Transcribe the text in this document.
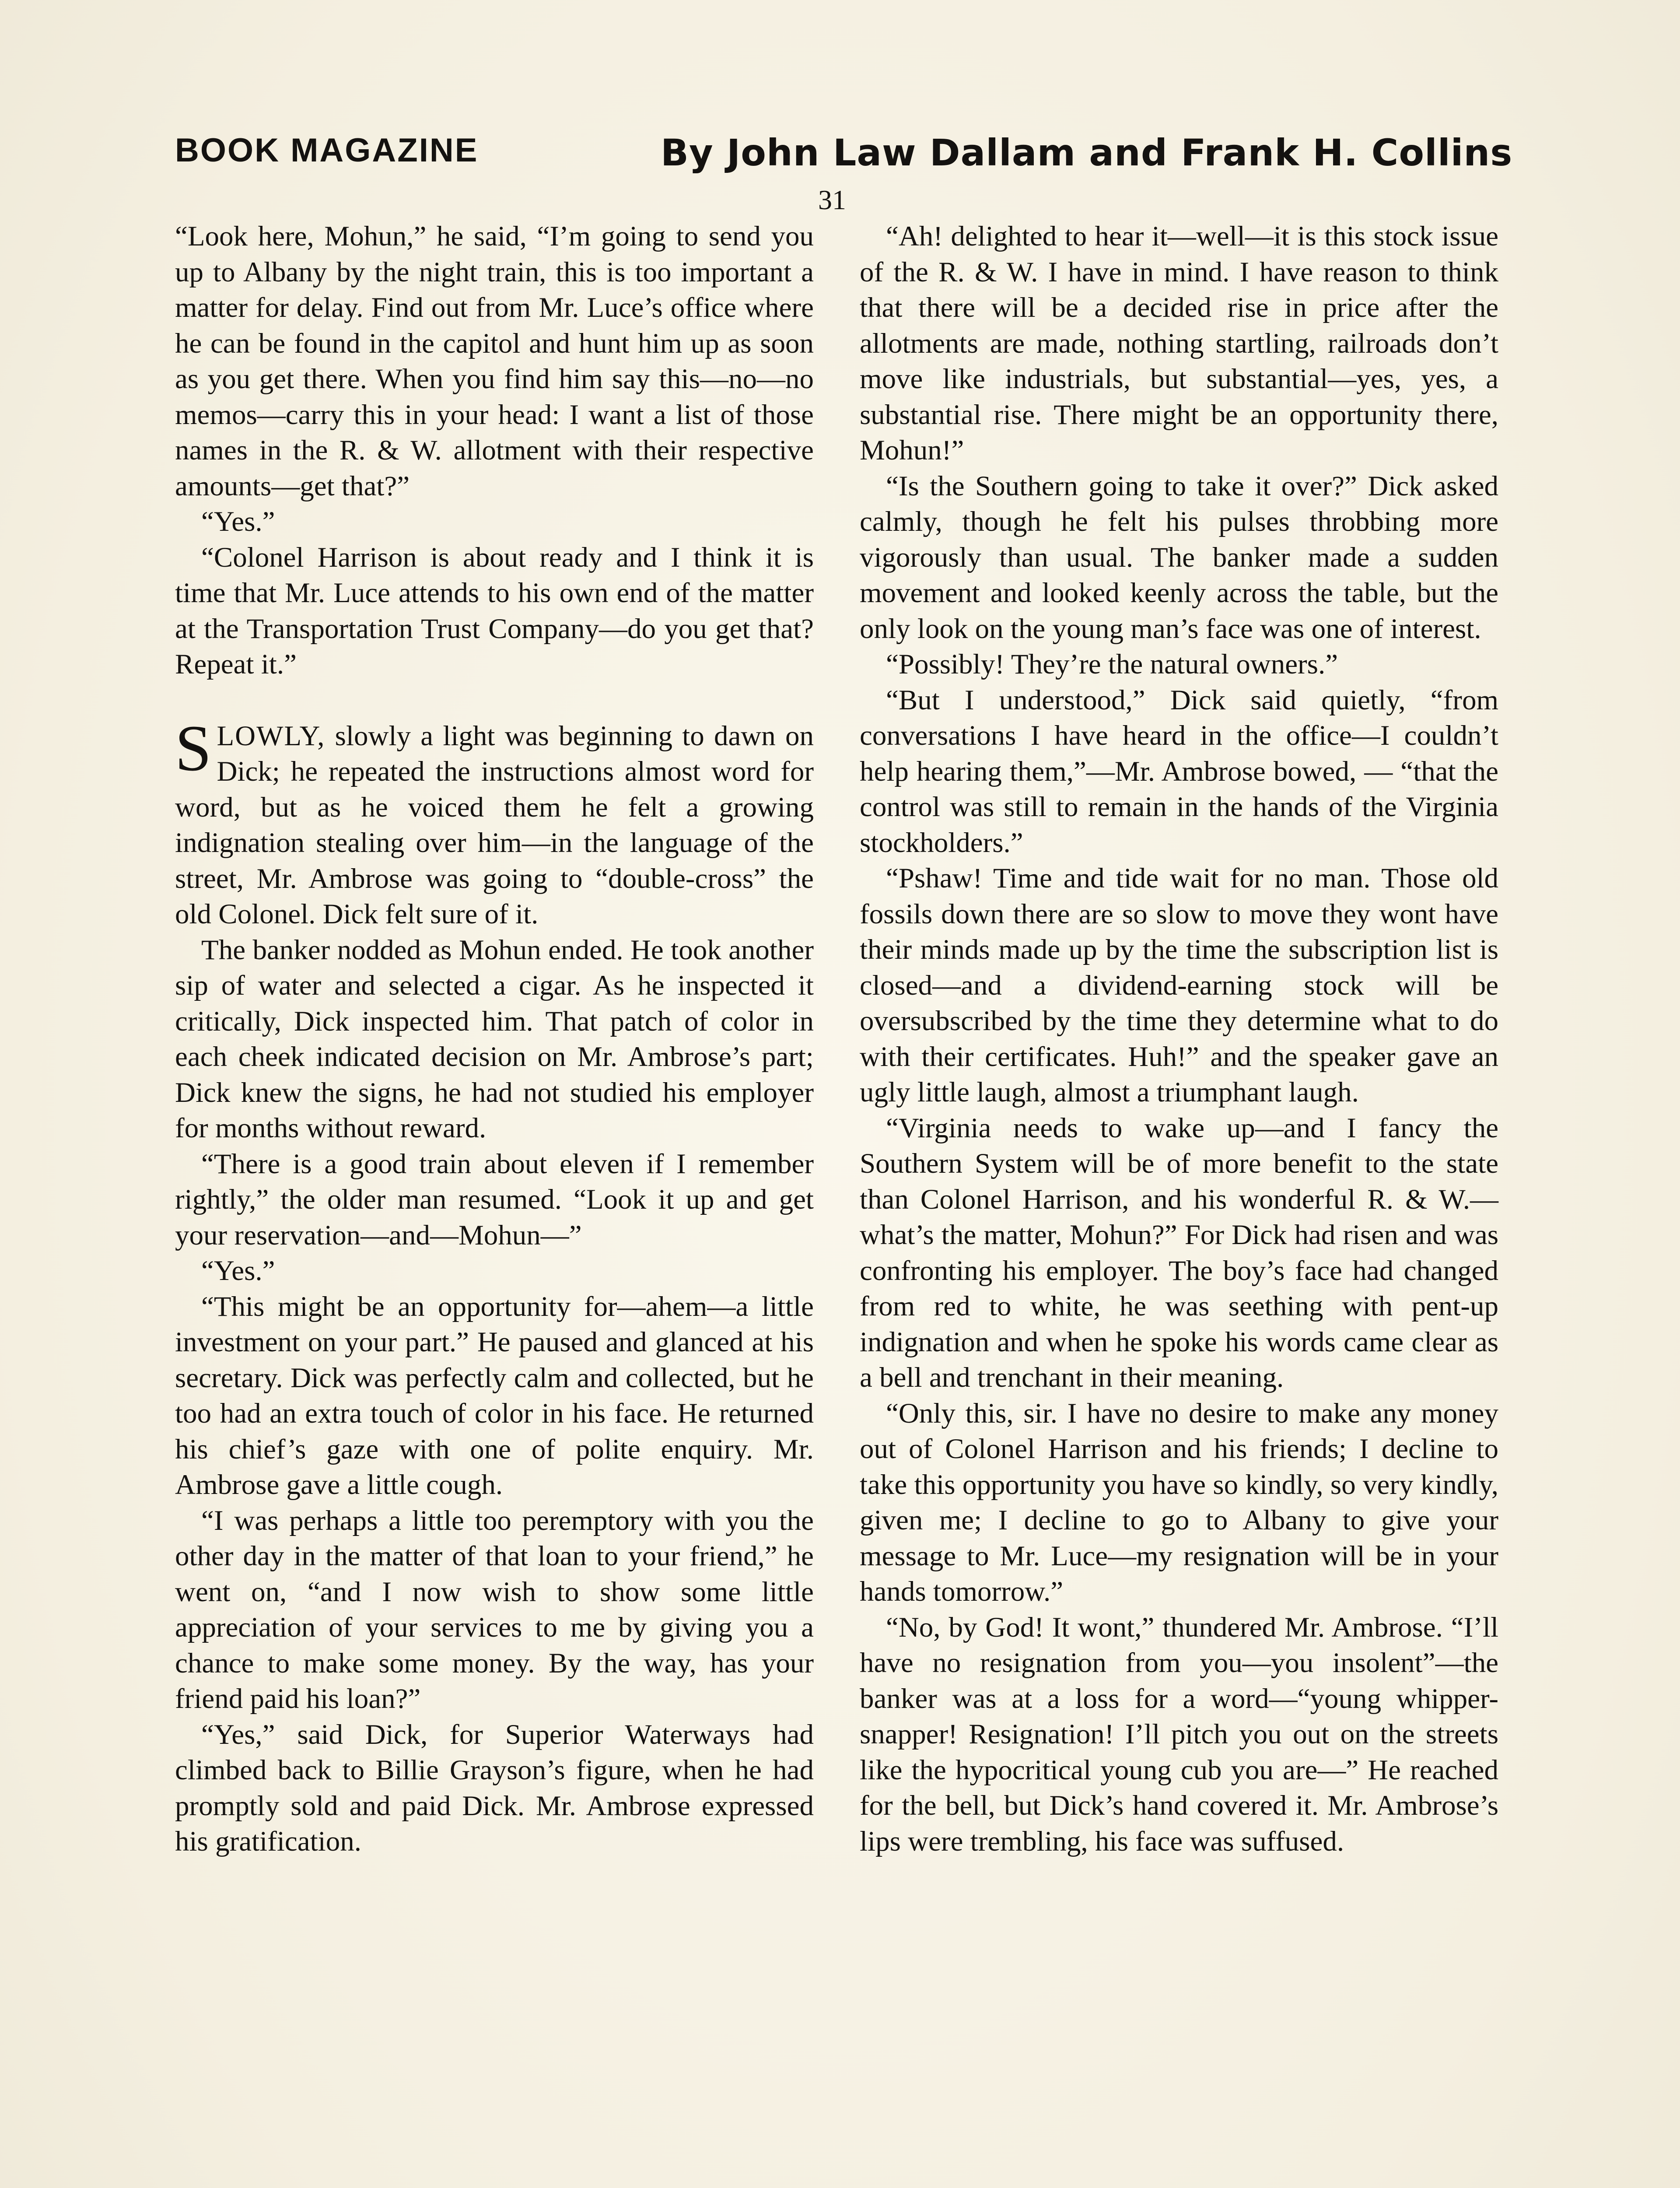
BOOK MAGAZINE	By John Law Dallam and Frank H. Collins
31

“Look here, Mohun,” he said, “I’m going to send you up to Albany by the night train, this is too important a matter for delay. Find out from Mr. Luce’s office where he can be found in the capitol and hunt him up as soon as you get there. When you find him say this—no—no memos—carry this in your head: I want a list of those names in the R. & W. allotment with their respective amounts—get that?”

“Yes.”

“Colonel Harrison is about ready and I think it is time that Mr. Luce attends to his own end of the matter at the Transportation Trust Company—do you get that? Repeat it.”

SLOWLY, slowly a light was beginning to dawn on Dick; he repeated the instructions almost word for word, but as he voiced them he felt a growing indignation stealing over him—in the language of the street, Mr. Ambrose was going to “double-cross” the old Colonel. Dick felt sure of it.

The banker nodded as Mohun ended. He took another sip of water and selected a cigar. As he inspected it critically, Dick inspected him. That patch of color in each cheek indicated decision on Mr. Ambrose’s part; Dick knew the signs, he had not studied his employer for months without reward.

“There is a good train about eleven if I remember rightly,” the older man resumed. “Look it up and get your reservation—and—Mohun—”

“Yes.”

“This might be an opportunity for—ahem—a little investment on your part.” He paused and glanced at his secretary. Dick was perfectly calm and collected, but he too had an extra touch of color in his face. He returned his chief’s gaze with one of polite enquiry. Mr. Ambrose gave a little cough.

“I was perhaps a little too peremptory with you the other day in the matter of that loan to your friend,” he went on, “and I now wish to show some little appreciation of your services to me by giving you a chance to make some money. By the way, has your friend paid his loan?”

“Yes,” said Dick, for Superior Waterways had climbed back to Billie Grayson’s figure, when he had promptly sold and paid Dick. Mr. Ambrose expressed his gratification.

“Ah! delighted to hear it—well—it is this stock issue of the R. & W. I have in mind. I have reason to think that there will be a decided rise in price after the allotments are made, nothing startling, railroads don’t move like industrials, but substantial—yes, yes, a substantial rise. There might be an opportunity there, Mohun!”

“Is the Southern going to take it over?” Dick asked calmly, though he felt his pulses throbbing more vigorously than usual. The banker made a sudden movement and looked keenly across the table, but the only look on the young man’s face was one of interest.

“Possibly! They’re the natural owners.”

“But I understood,” Dick said quietly, “from conversations I have heard in the office—I couldn’t help hearing them,”—Mr. Ambrose bowed, — “that the control was still to remain in the hands of the Virginia stockholders.”

“Pshaw! Time and tide wait for no man. Those old fossils down there are so slow to move they wont have their minds made up by the time the subscription list is closed—and a dividend-earning stock will be oversubscribed by the time they determine what to do with their certificates. Huh!” and the speaker gave an ugly little laugh, almost a triumphant laugh.

“Virginia needs to wake up—and I fancy the Southern System will be of more benefit to the state than Colonel Harrison, and his wonderful R. & W.—what’s the matter, Mohun?” For Dick had risen and was confronting his employer. The boy’s face had changed from red to white, he was seething with pent-up indignation and when he spoke his words came clear as a bell and trenchant in their meaning.

“Only this, sir. I have no desire to make any money out of Colonel Harrison and his friends; I decline to take this opportunity you have so kindly, so very kindly, given me; I decline to go to Albany to give your message to Mr. Luce—my resignation will be in your hands tomorrow.”

“No, by God! It wont,” thundered Mr. Ambrose. “I’ll have no resignation from you—you insolent”—the banker was at a loss for a word—“young whipper-snapper! Resignation! I’ll pitch you out on the streets like the hypocritical young cub you are—” He reached for the bell, but Dick’s hand covered it. Mr. Ambrose’s lips were trembling, his face was suffused.
